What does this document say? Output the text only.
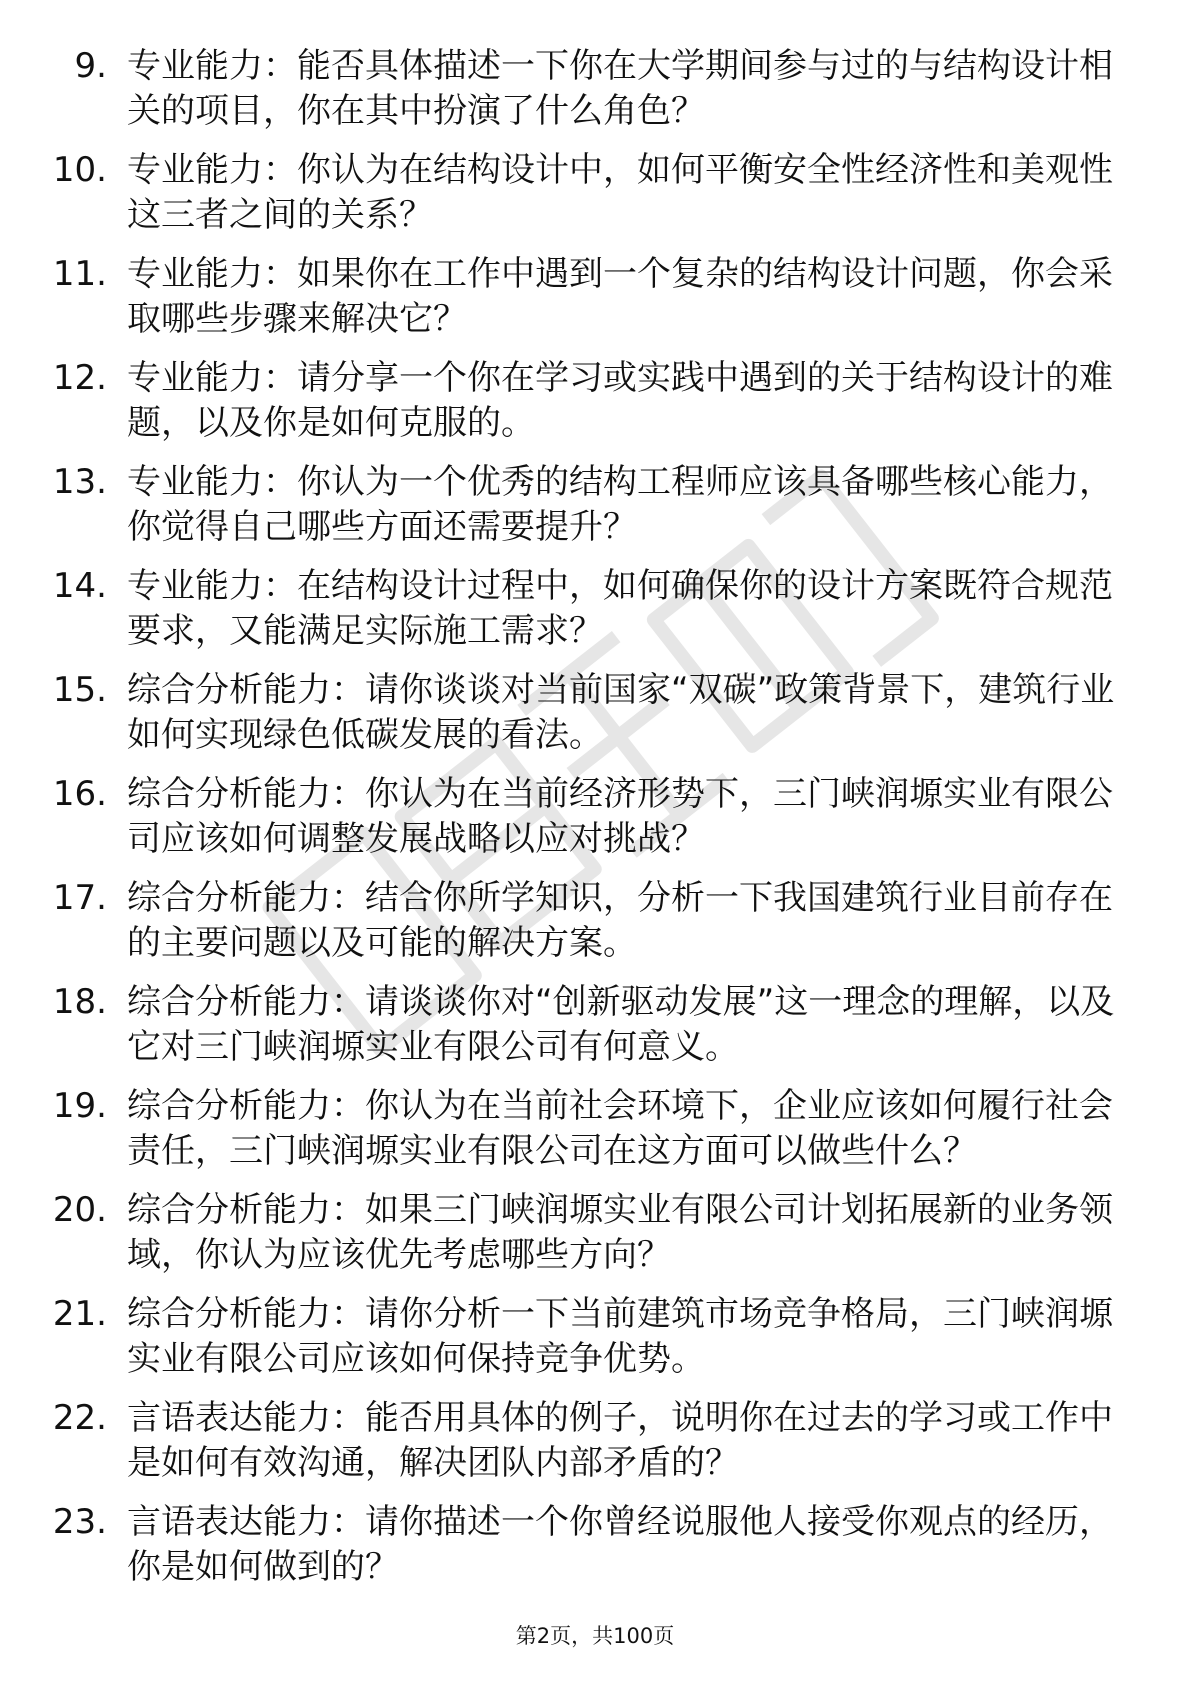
9. 专业能力：能否具体描述一下你在大学期间参与过的与结构设计相关的项目，你在其中扮演了什么角色？
10. 专业能力：你认为在结构设计中，如何平衡安全性经济性和美观性这三者之间的关系？
11. 专业能力：如果你在工作中遇到一个复杂的结构设计问题，你会采取哪些步骤来解决它？
12. 专业能力：请分享一个你在学习或实践中遇到的关于结构设计的难题，以及你是如何克服的。
13. 专业能力：你认为一个优秀的结构工程师应该具备哪些核心能力，你觉得自己哪些方面还需要提升？
14. 专业能力：在结构设计过程中，如何确保你的设计方案既符合规范要求，又能满足实际施工需求？
15. 综合分析能力：请你谈谈对当前国家“双碳”政策背景下，建筑行业如何实现绿色低碳发展的看法。
16. 综合分析能力：你认为在当前经济形势下，三门峡润塬实业有限公司应该如何调整发展战略以应对挑战？
17. 综合分析能力：结合你所学知识，分析一下我国建筑行业目前存在的主要问题以及可能的解决方案。
18. 综合分析能力：请谈谈你对“创新驱动发展”这一理念的理解，以及它对三门峡润塬实业有限公司有何意义。
19. 综合分析能力：你认为在当前社会环境下，企业应该如何履行社会责任，三门峡润塬实业有限公司在这方面可以做些什么？
20. 综合分析能力：如果三门峡润塬实业有限公司计划拓展新的业务领域，你认为应该优先考虑哪些方向？
21. 综合分析能力：请你分析一下当前建筑市场竞争格局，三门峡润塬实业有限公司应该如何保持竞争优势。
22. 言语表达能力：能否用具体的例子，说明你在过去的学习或工作中是如何有效沟通，解决团队内部矛盾的？
23. 言语表达能力：请你描述一个你曾经说服他人接受你观点的经历，你是如何做到的？
第2页，共100页
